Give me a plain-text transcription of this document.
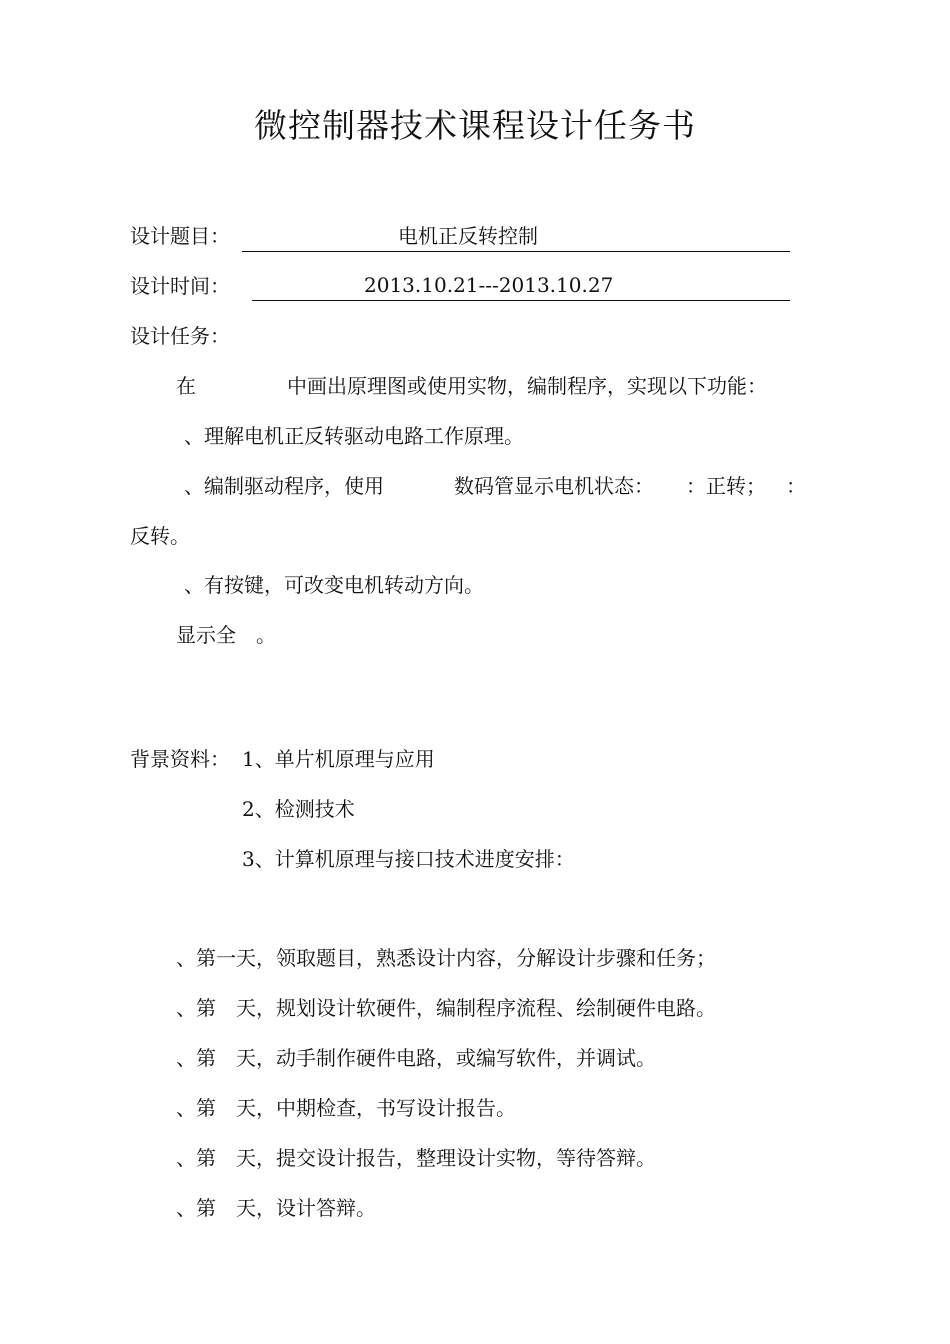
微控制器技术课程设计任务书
设计题目：	电机正反转控制
设计时间：	2013.10.21---2013.10.27
设计任务：
在	中画出原理图或使用实物，编制程序，实现以下功能：
、理解电机正反转驱动电路工作原理。
、编制驱动程序，使用	数码管显示电机状态： ：正转； ：
反转。
、有按键，可改变电机转动方向。
显示全 。
背景资料： 1、单片机原理与应用
2、检测技术
3、计算机原理与接口技术进度安排：
、第一天，领取题目，熟悉设计内容，分解设计步骤和任务；
、第　天，规划设计软硬件，编制程序流程、绘制硬件电路。
、第　天，动手制作硬件电路，或编写软件，并调试。
、第　天，中期检查，书写设计报告。
、第　天，提交设计报告，整理设计实物，等待答辩。
、第　天，设计答辩。
